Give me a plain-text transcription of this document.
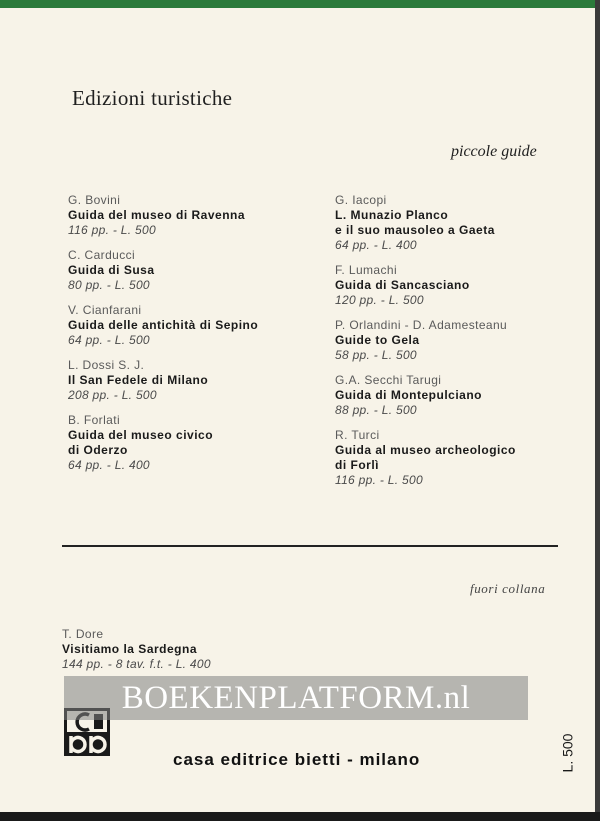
Edizioni turistiche
piccole guide
G. Bovini
Guida del museo di Ravenna
116 pp. - L. 500
C. Carducci
Guida di Susa
80 pp. - L. 500
V. Cianfarani
Guida delle antichità di Sepino
64 pp. - L. 500
L. Dossi S. J.
Il San Fedele di Milano
208 pp. - L. 500
B. Forlati
Guida del museo civico
di Oderzo
64 pp. - L. 400
G. Iacopi
L. Munazio Planco
e il suo mausoleo a Gaeta
64 pp. - L. 400
F. Lumachi
Guida di Sancasciano
120 pp. - L. 500
P. Orlandini - D. Adamesteanu
Guide to Gela
58 pp. - L. 500
G.A. Secchi Tarugi
Guida di Montepulciano
88 pp. - L. 500
R. Turci
Guida al museo archeologico
di Forlì
116 pp. - L. 500
fuori collana
T. Dore
Visitiamo la Sardegna
144 pp. - 8 tav. f.t. - L. 400
BOEKENPLATFORM.nl
casa editrice bietti - milano	L. 500
